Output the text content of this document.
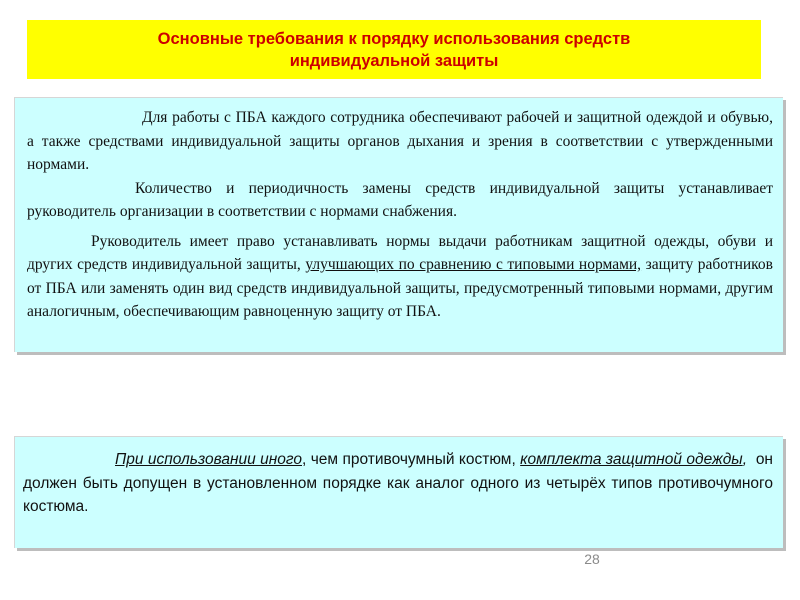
Основные требования к порядку использования средств
индивидуальной защиты

Для работы с ПБА каждого сотрудника обеспечивают рабочей и защитной одеждой и обувью, а также средствами индивидуальной защиты органов дыхания и зрения в соответствии с утвержденными нормами.

Количество и периодичность замены средств индивидуальной защиты устанавливает руководитель организации в соответствии с нормами снабжения.

Руководитель имеет право устанавливать нормы выдачи работникам защитной одежды, обуви и других средств индивидуальной защиты, улучшающих по сравнению с типовыми нормами, защиту работников от ПБА или заменять один вид средств индивидуальной защиты, предусмотренный типовыми нормами, другим аналогичным, обеспечивающим равноценную защиту от ПБА.

При использовании иного, чем противочумный костюм, комплекта защитной одежды, он должен быть допущен в установленном порядке как аналог одного из четырёх типов противочумного костюма.

28
